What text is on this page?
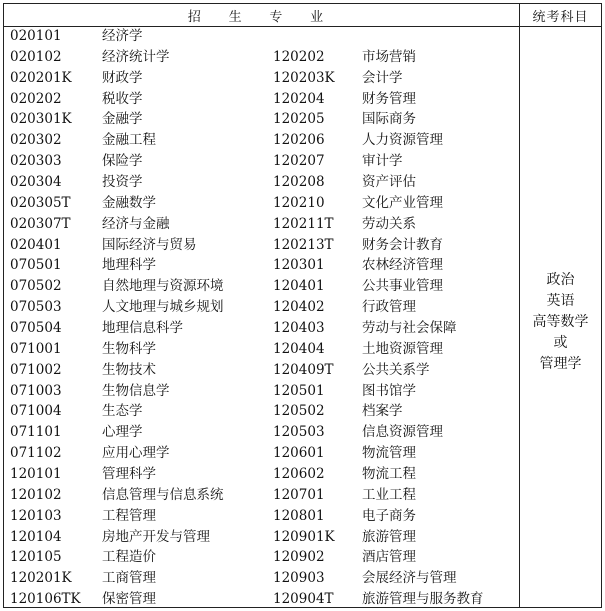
招 生 专 业	统考科目
020101	经济学
020102	经济统计学	120202	市场营销
020201K 财政学	120203K 会计学
020202	税收学	120204	财务管理
020301K 金融学	120205	国际商务
020302	金融工程	120206	人力资源管理
020303	保险学	120207	审计学
020304	投资学	120208	资产评估
020305T 金融数学	120210	文化产业管理
020307T 经济与金融	120211T 劳动关系
020401	国际经济与贸易	120213T 财务会计教育
070501	地理科学	120301	农林经济管理
070502	自然地理与资源环境	120401	公共事业管理
070503	人文地理与城乡规划	120402	行政管理
070504	地理信息科学	120403	劳动与社会保障
071001	生物科学	120404	土地资源管理
071002	生物技术	120409T 公共关系学
071003	生物信息学	120501	图书馆学
071004	生态学	120502	档案学
071101	心理学	120503	信息资源管理
071102	应用心理学	120601	物流管理
120101	管理科学	120602	物流工程
120102	信息管理与信息系统	120701	工业工程
120103	工程管理	120801	电子商务
120104	房地产开发与管理	120901K 旅游管理
120105	工程造价	120902	酒店管理
120201K 工商管理	120903	会展经济与管理
120106TK 保密管理	120904T 旅游管理与服务教育
政治
英语
高等数学
或
管理学
